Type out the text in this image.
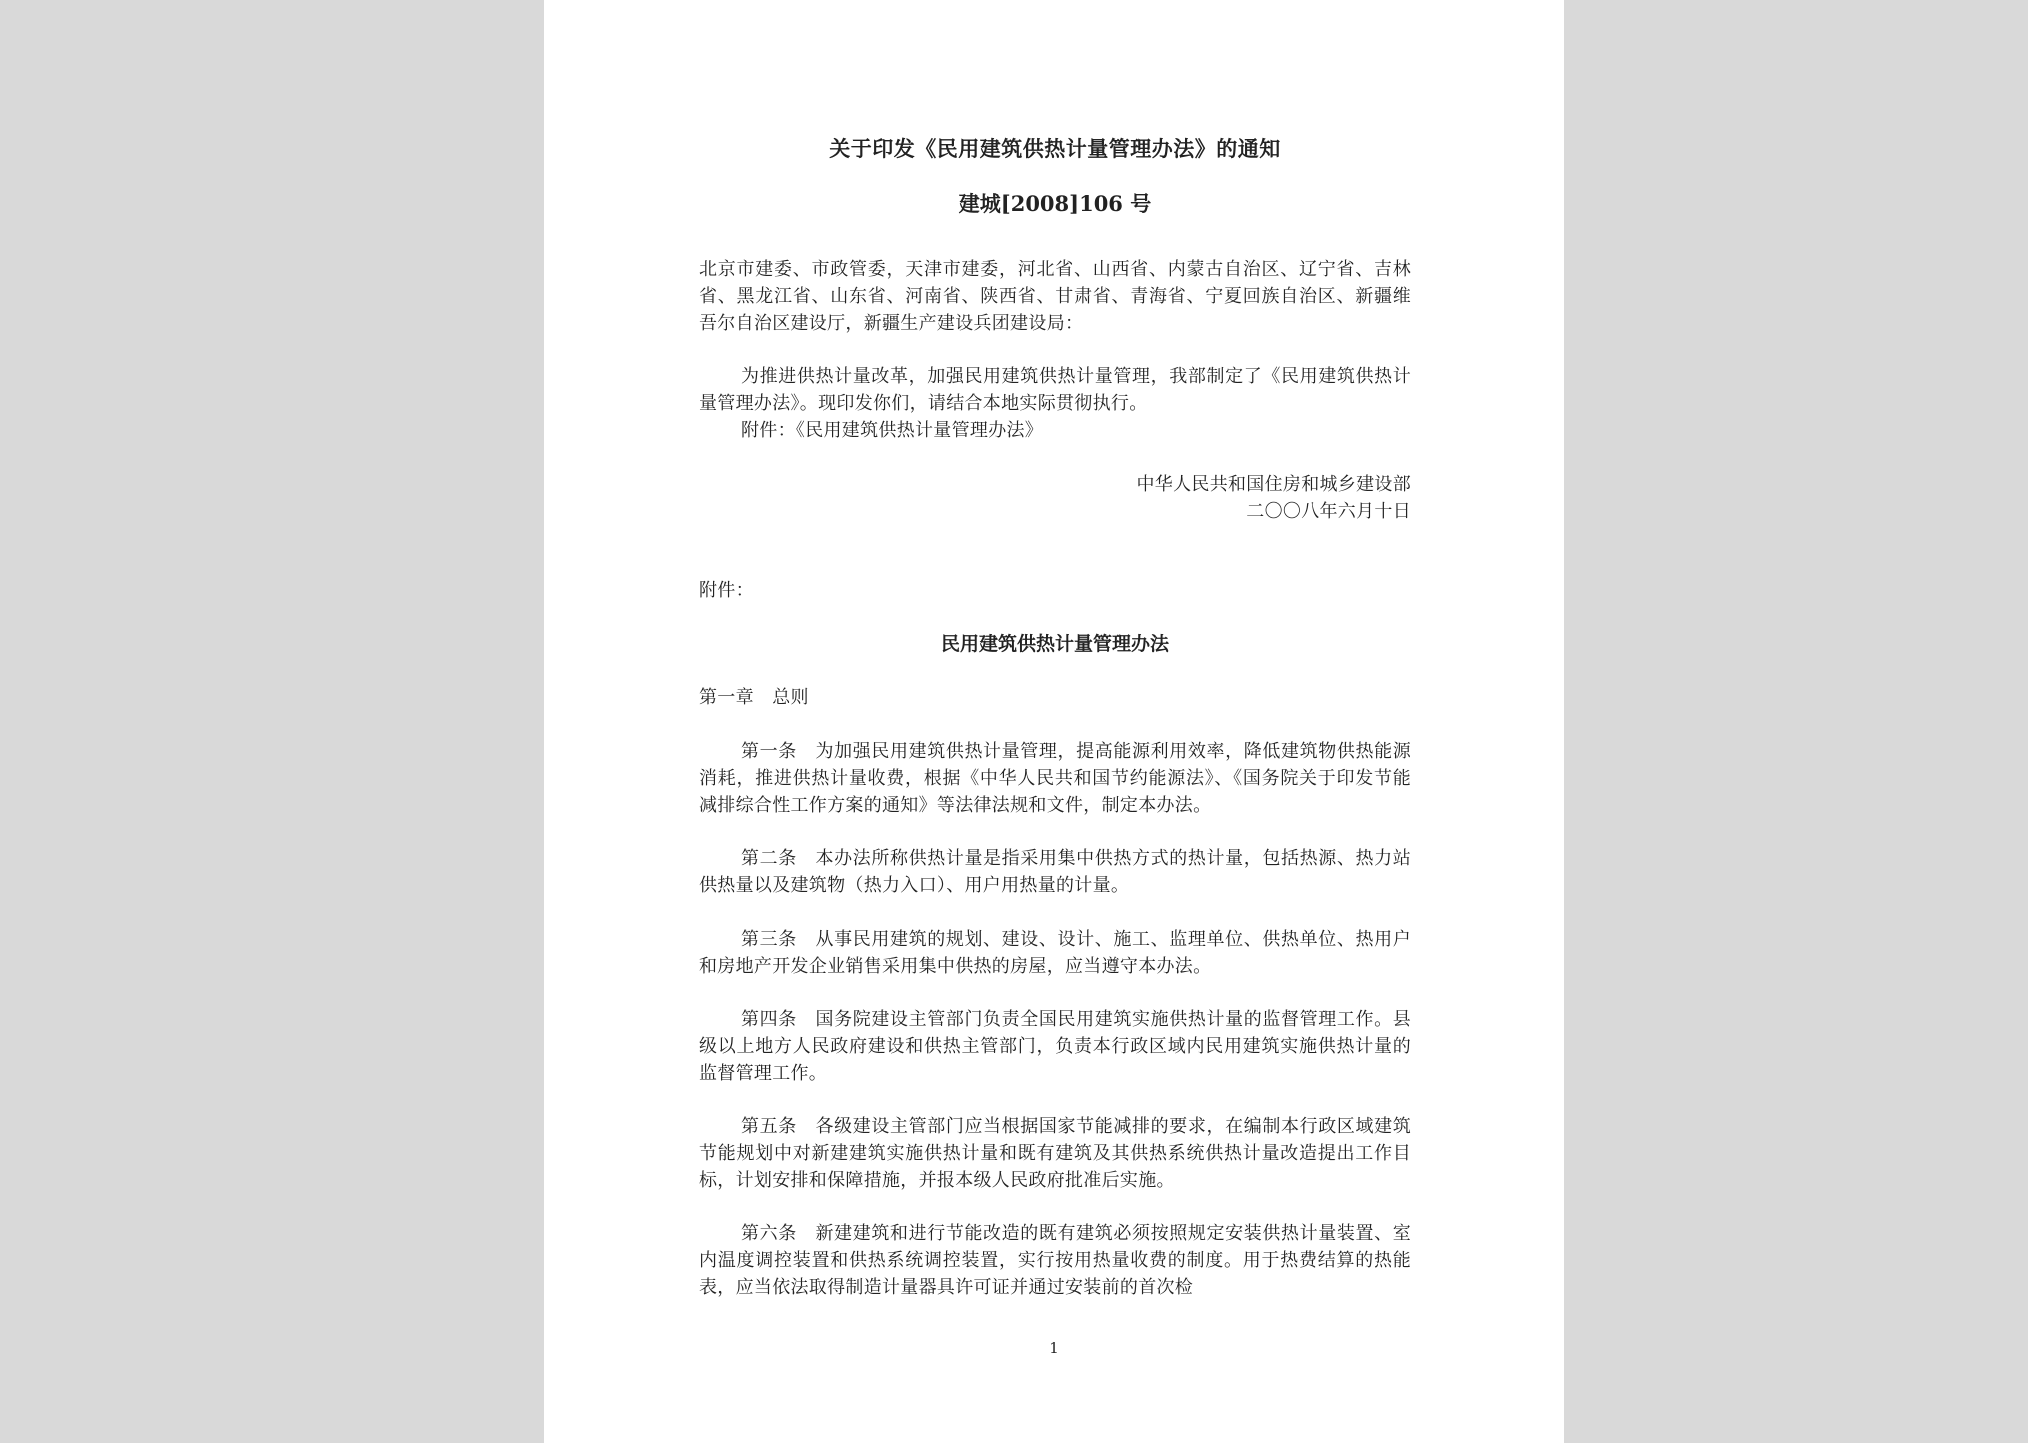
关于印发《民用建筑供热计量管理办法》的通知
建城[2008]106 号
北京市建委、市政管委，天津市建委，河北省、山西省、内蒙古自治区、辽宁省、吉林省、黑龙江省、山东省、河南省、陕西省、甘肃省、青海省、宁夏回族自治区、新疆维吾尔自治区建设厅，新疆生产建设兵团建设局：
为推进供热计量改革，加强民用建筑供热计量管理，我部制定了《民用建筑供热计量管理办法》。现印发你们，请结合本地实际贯彻执行。
附件：《民用建筑供热计量管理办法》
中华人民共和国住房和城乡建设部
二〇〇八年六月十日
附件：
民用建筑供热计量管理办法
第一章　总则
第一条　为加强民用建筑供热计量管理，提高能源利用效率，降低建筑物供热能源消耗，推进供热计量收费，根据《中华人民共和国节约能源法》、《国务院关于印发节能减排综合性工作方案的通知》等法律法规和文件，制定本办法。
第二条　本办法所称供热计量是指采用集中供热方式的热计量，包括热源、热力站供热量以及建筑物（热力入口）、用户用热量的计量。
第三条　从事民用建筑的规划、建设、设计、施工、监理单位、供热单位、热用户和房地产开发企业销售采用集中供热的房屋，应当遵守本办法。
第四条　国务院建设主管部门负责全国民用建筑实施供热计量的监督管理工作。县级以上地方人民政府建设和供热主管部门，负责本行政区域内民用建筑实施供热计量的监督管理工作。
第五条　各级建设主管部门应当根据国家节能减排的要求，在编制本行政区域建筑节能规划中对新建建筑实施供热计量和既有建筑及其供热系统供热计量改造提出工作目标，计划安排和保障措施，并报本级人民政府批准后实施。
第六条　新建建筑和进行节能改造的既有建筑必须按照规定安装供热计量装置、室内温度调控装置和供热系统调控装置，实行按用热量收费的制度。用于热费结算的热能表，应当依法取得制造计量器具许可证并通过安装前的首次检
1
